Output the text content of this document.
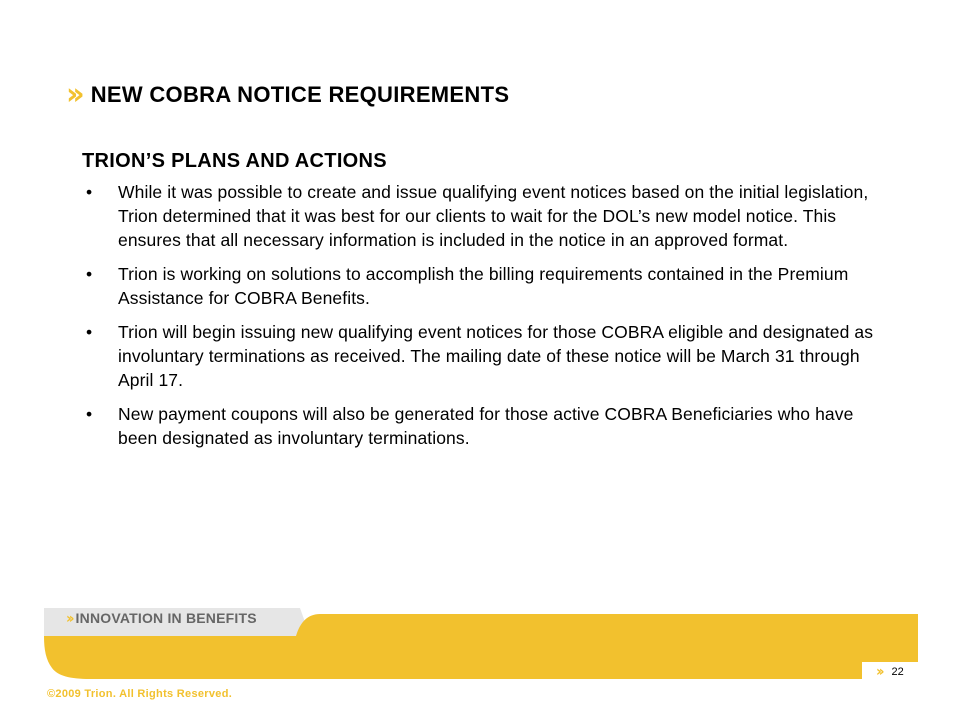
›› NEW COBRA NOTICE REQUIREMENTS
TRION’S PLANS AND ACTIONS
• While it was possible to create and issue qualifying event notices based on the initial legislation, Trion determined that it was best for our clients to wait for the DOL’s new model notice. This ensures that all necessary information is included in the notice in an approved format.
• Trion is working on solutions to accomplish the billing requirements contained in the Premium Assistance for COBRA Benefits.
• Trion will begin issuing new qualifying event notices for those COBRA eligible and designated as involuntary terminations as received. The mailing date of these notice will be March 31 through April 17.
• New payment coupons will also be generated for those active COBRA Beneficiaries who have been designated as involuntary terminations.
›› INNOVATION IN BENEFITS
©2009 Trion. All Rights Reserved.
›› 22
